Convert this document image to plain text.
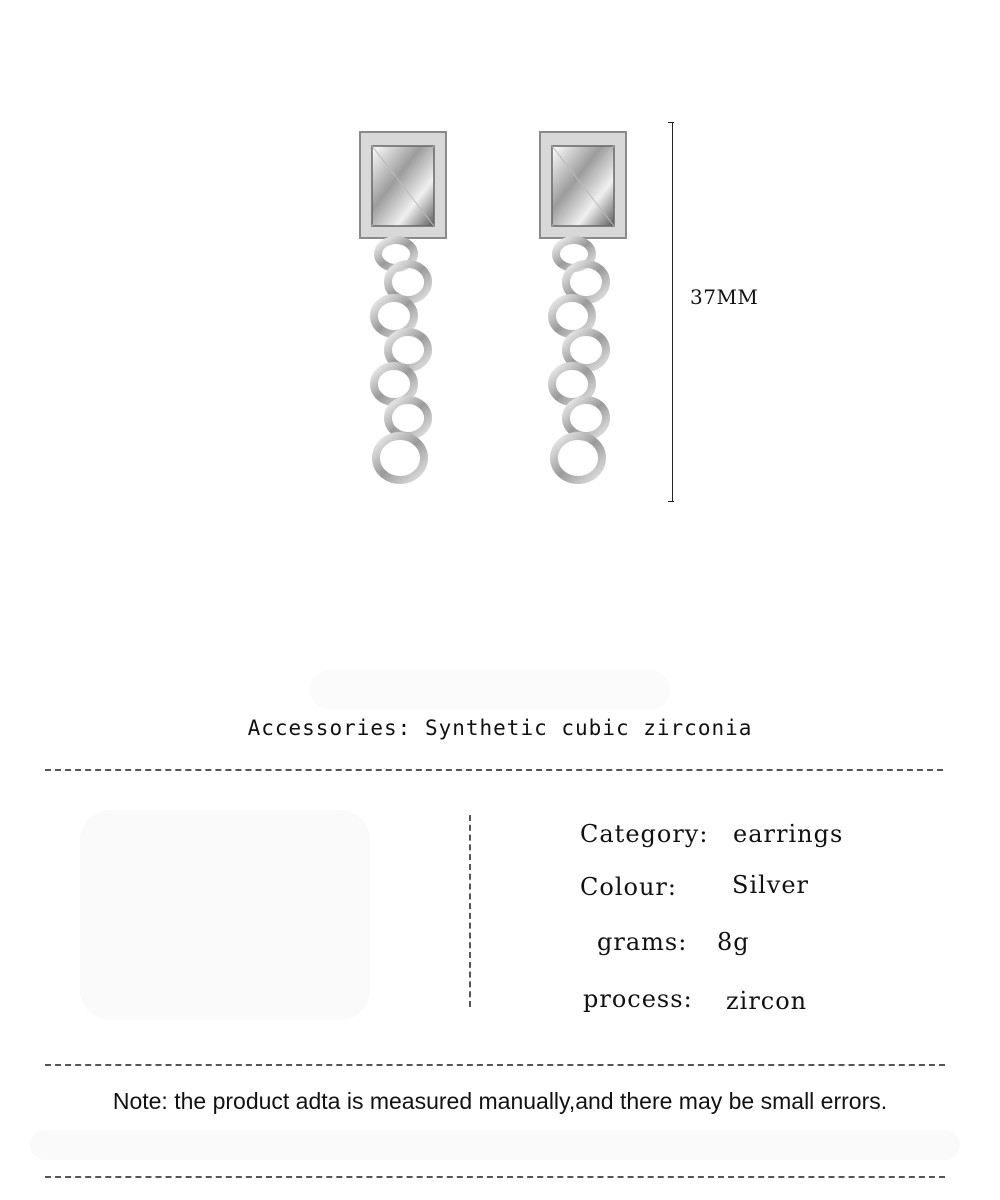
37MM
Accessories: Synthetic cubic zirconia
Category: earrings
Colour: Silver
grams: 8g
process: zircon
Note: the product adta is measured manually,and there may be small errors.
